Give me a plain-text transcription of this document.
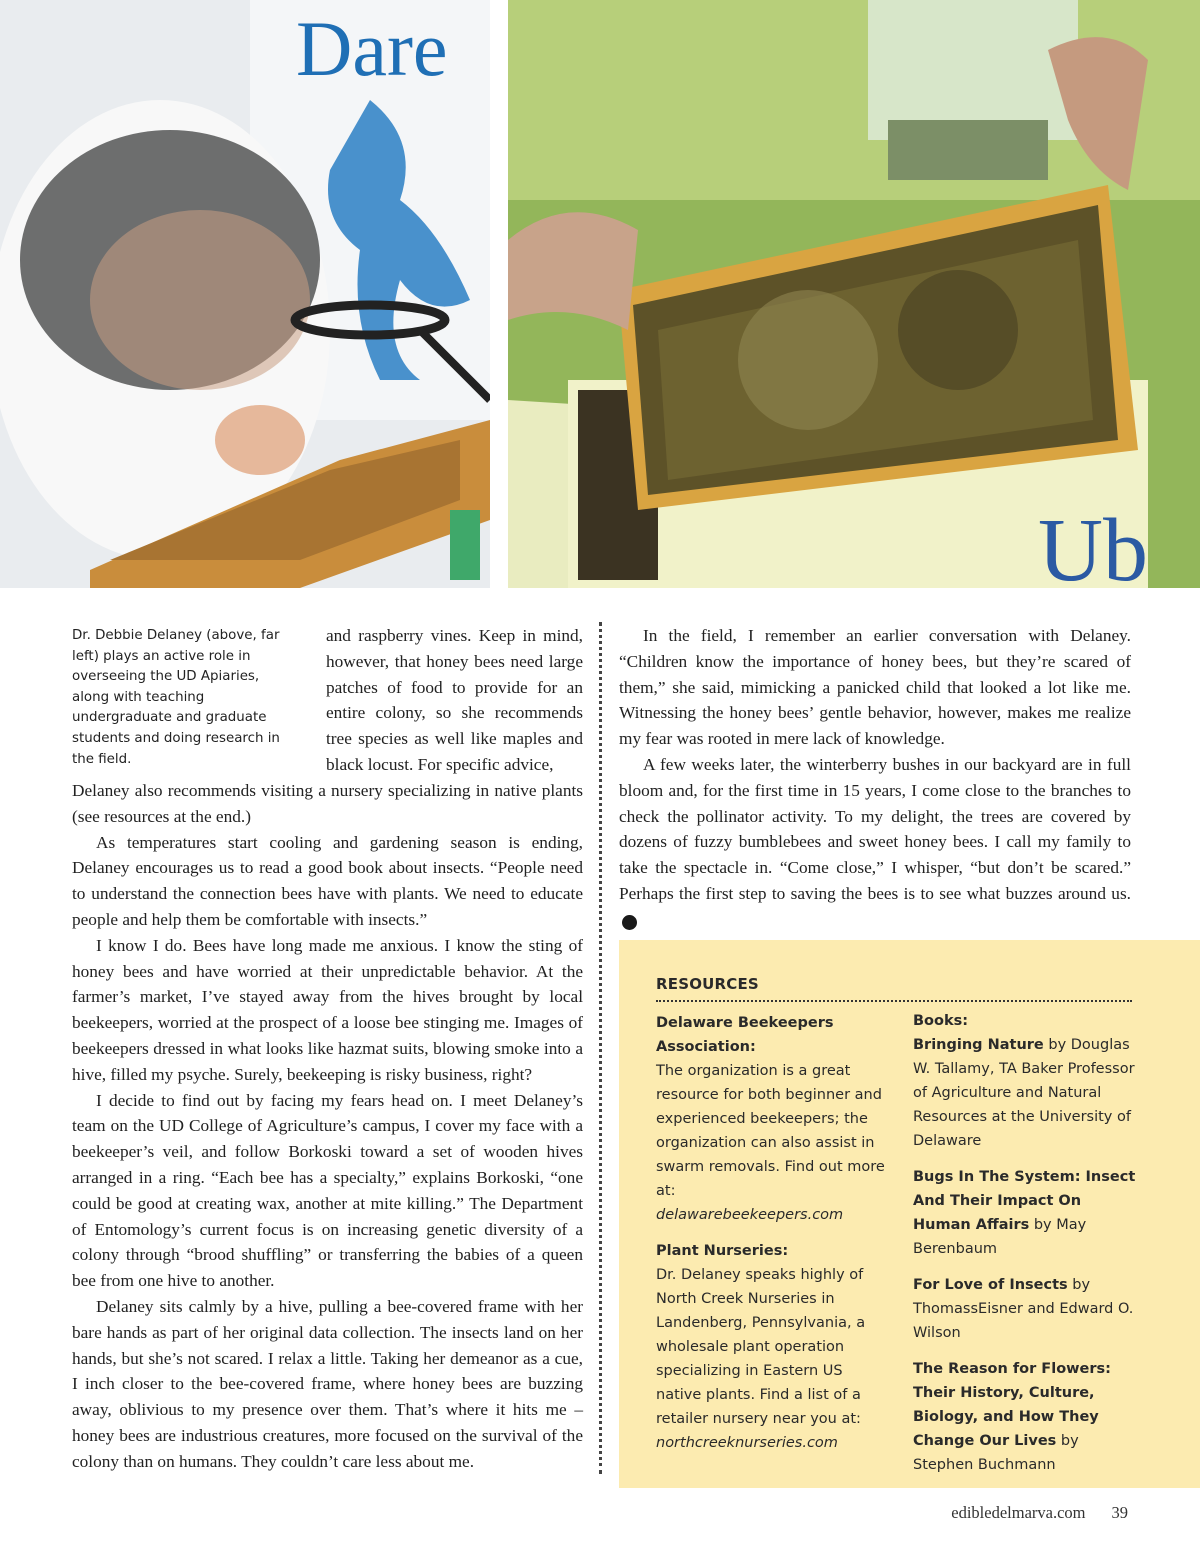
Dare
Ub

Dr. Debbie Delaney (above, far left) plays an active role in overseeing the UD Apiaries, along with teaching undergraduate and graduate students and doing research in the field.

and raspberry vines. Keep in mind, however, that honey bees need large patches of food to provide for an entire colony, so she recommends tree species as well like maples and black locust. For specific advice,

Delaney also recommends visiting a nursery specializing in native plants (see resources at the end.)

As temperatures start cooling and gardening season is ending, Delaney encourages us to read a good book about insects. “People need to understand the connection bees have with plants. We need to educate people and help them be comfortable with insects.”

I know I do. Bees have long made me anxious. I know the sting of honey bees and have worried at their unpredictable behavior. At the farmer’s market, I’ve stayed away from the hives brought by local beekeepers, worried at the prospect of a loose bee stinging me. Images of beekeepers dressed in what looks like hazmat suits, blowing smoke into a hive, filled my psyche. Surely, beekeeping is risky business, right?

I decide to find out by facing my fears head on. I meet Delaney’s team on the UD College of Agriculture’s campus, I cover my face with a beekeeper’s veil, and follow Borkoski toward a set of wooden hives arranged in a ring. “Each bee has a specialty,” explains Borkoski, “one could be good at creating wax, another at mite killing.” The Department of Entomology’s current focus is on increasing genetic diversity of a colony through “brood shuffling” or transferring the babies of a queen bee from one hive to another.

Delaney sits calmly by a hive, pulling a bee-covered frame with her bare hands as part of her original data collection. The insects land on her hands, but she’s not scared. I relax a little. Taking her demeanor as a cue, I inch closer to the bee-covered frame, where honey bees are buzzing away, oblivious to my presence over them. That’s where it hits me – honey bees are industrious creatures, more focused on the survival of the colony than on humans. They couldn’t care less about me.

In the field, I remember an earlier conversation with Delaney. “Children know the importance of honey bees, but they’re scared of them,” she said, mimicking a panicked child that looked a lot like me. Witnessing the honey bees’ gentle behavior, however, makes me realize my fear was rooted in mere lack of knowledge.

A few weeks later, the winterberry bushes in our backyard are in full bloom and, for the first time in 15 years, I come close to the branches to check the pollinator activity. To my delight, the trees are covered by dozens of fuzzy bumblebees and sweet honey bees. I call my family to take the spectacle in. “Come close,” I whisper, “but don’t be scared.” Perhaps the first step to saving the bees is to see what buzzes around us.e

RESOURCES

Delaware Beekeepers Association:

The organization is a great resource for both beginner and experienced beekeepers; the organization can also assist in swarm removals. Find out more at:

delawarebeekeepers.com

Plant Nurseries:

Dr. Delaney speaks highly of North Creek Nurseries in Landenberg, Pennsylvania, a wholesale plant operation specializing in Eastern US native plants. Find a list of a retailer nursery near you at:

northcreeknurseries.com

Books:

Bringing Nature by Douglas W. Tallamy, TA Baker Professor of Agriculture and Natural Resources at the University of Delaware

Bugs In The System: Insect And Their Impact On Human Affairs by May Berenbaum

For Love of Insects by ThomassEisner and Edward O. Wilson

The Reason for Flowers: Their History, Culture, Biology, and How They Change Our Lives by Stephen Buchmann

edibledelmarva.com 39
